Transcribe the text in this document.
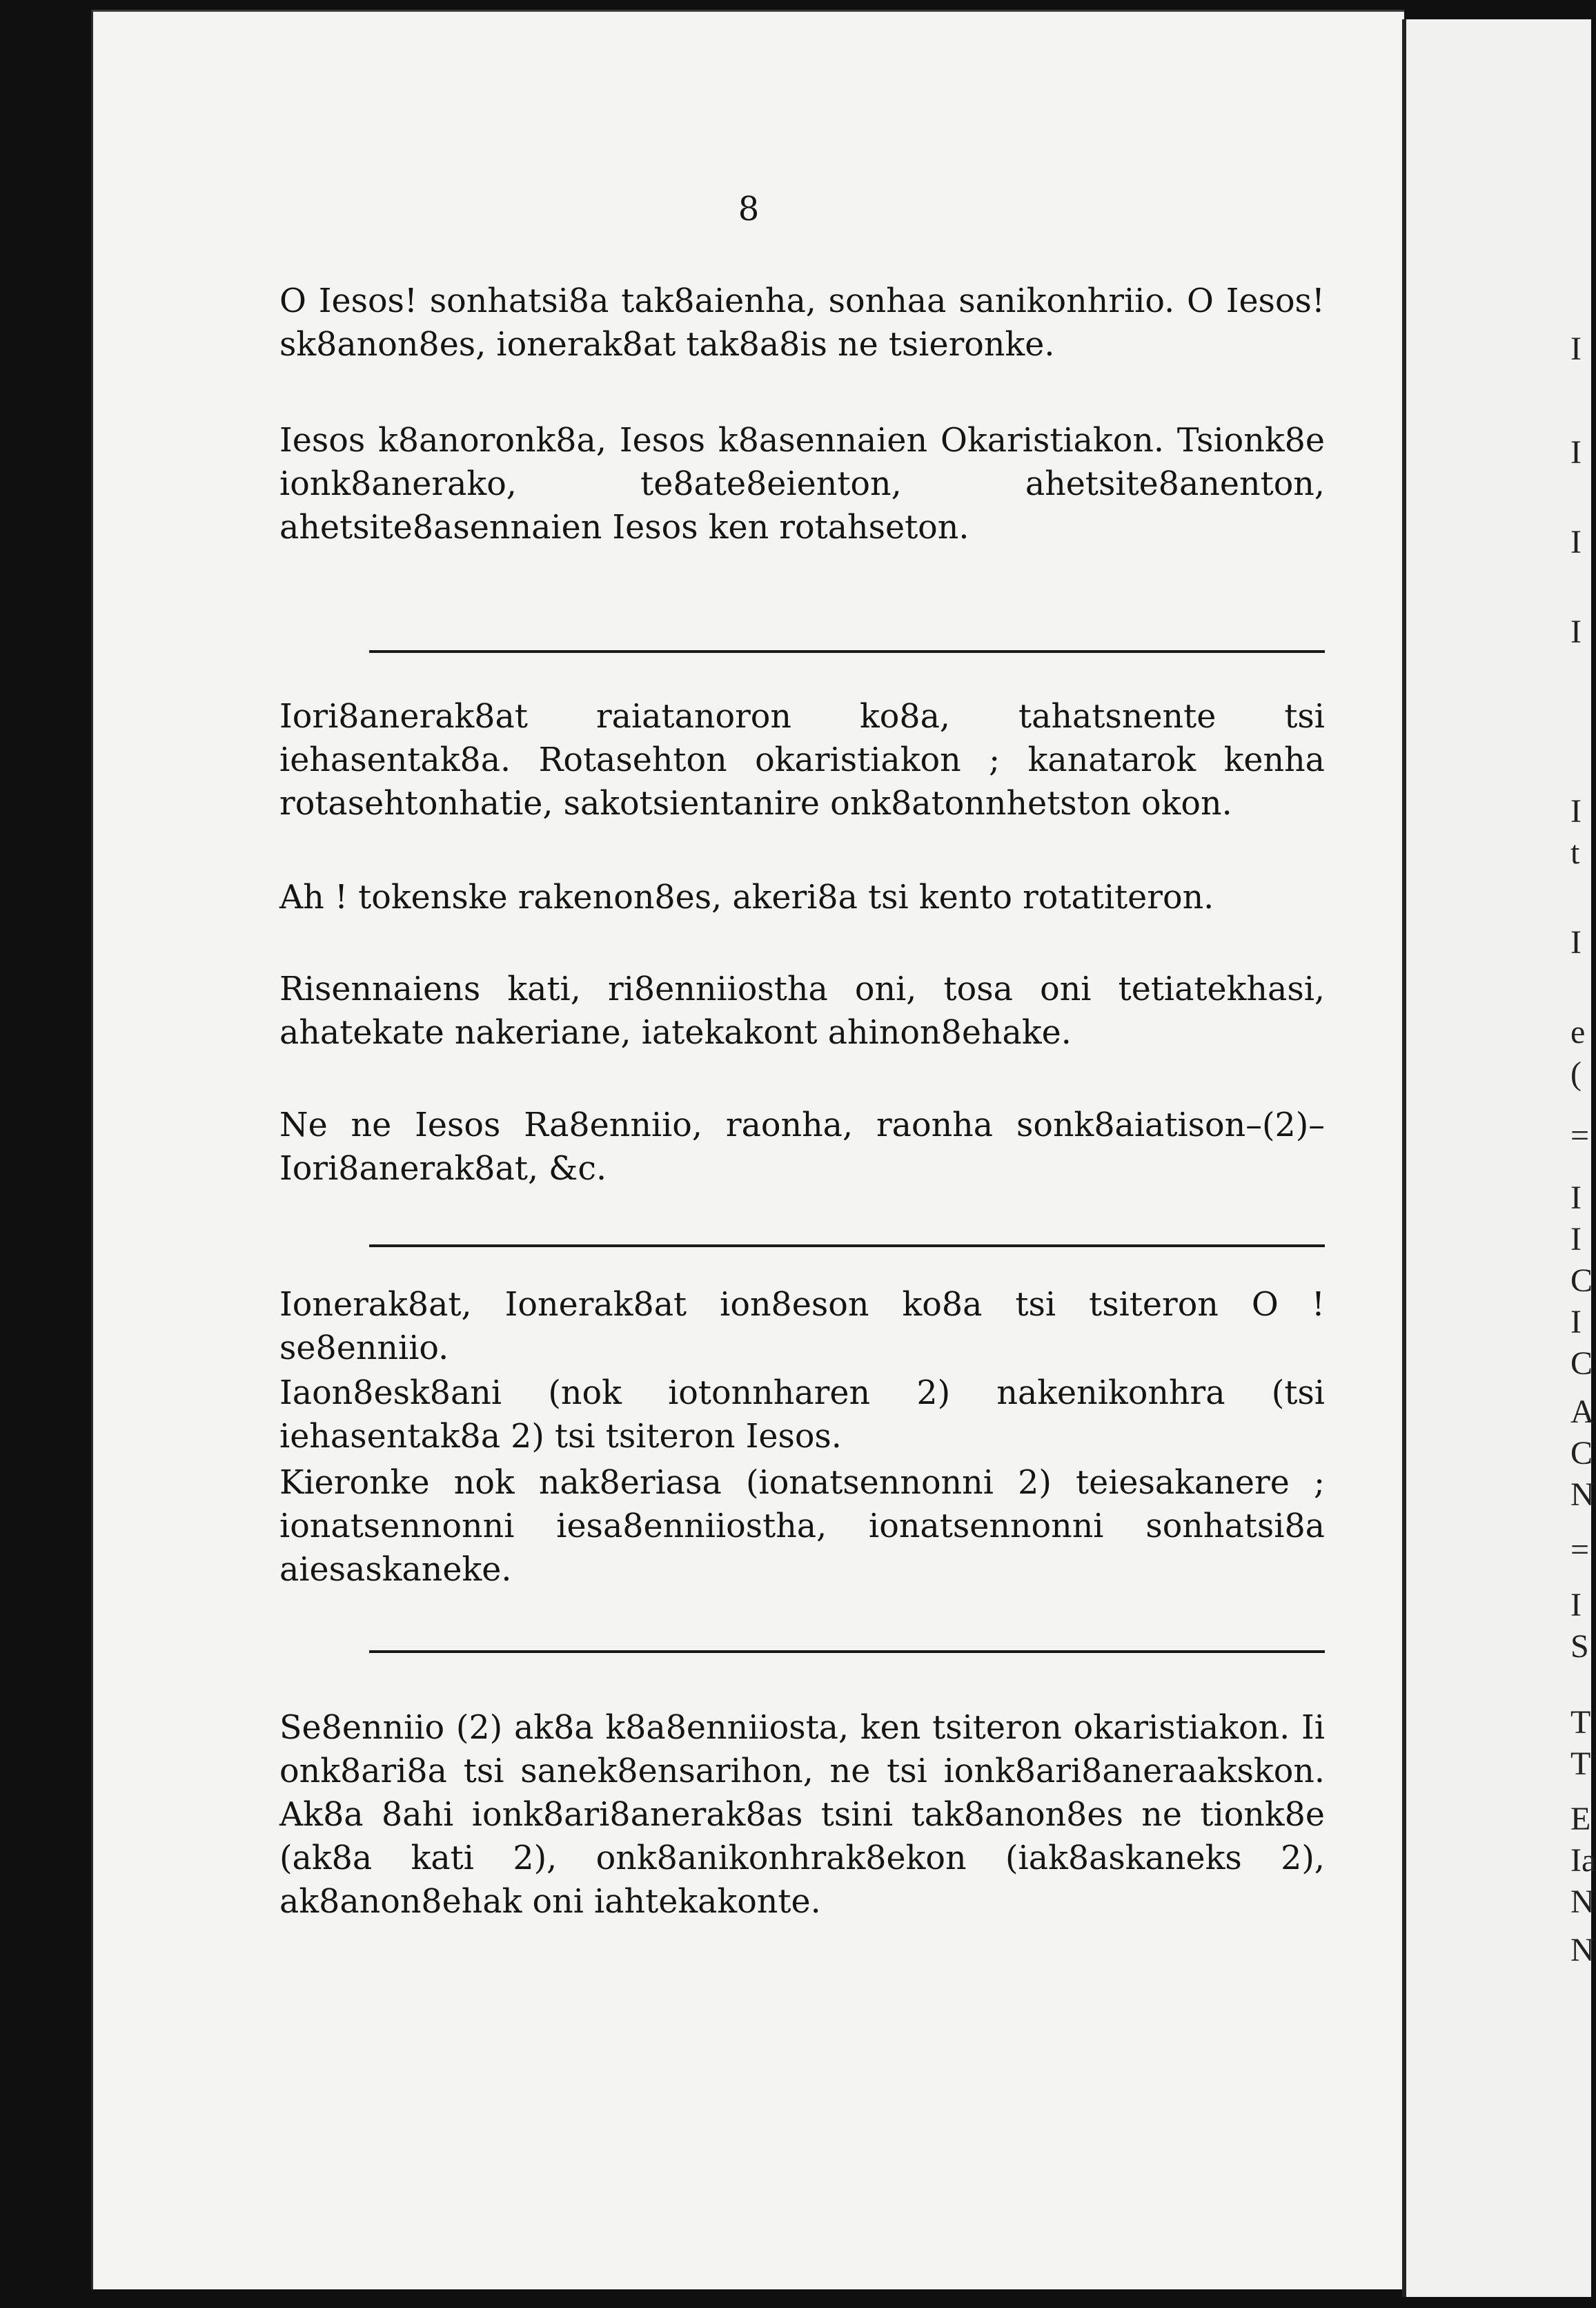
8

O Iesos! sonhatsi8a tak8aienha, sonhaa sanikonhriio. O Iesos! sk8anon8es, ionerak8at tak8a8is ne tsieronke.

Iesos k8anoronk8a, Iesos k8asennaien Okaristiakon. Tsionk8e ionk8anerako, te8ate8eienton, ahetsite8anenton, ahetsite8asennaien Iesos ken rotahseton.

Iori8anerak8at raiatanoron ko8a, tahatsnente tsi iehasentak8a. Rotasehton okaristiakon ; kanatarok kenha rotasehtonhatie, sakotsientanire onk8atonnhetston okon.

Ah ! tokenske rakenon8es, akeri8a tsi kento rotatiteron.

Risennaiens kati, ri8enniiostha oni, tosa oni tetiatekhasi, ahatekate nakeriane, iatekakont ahinon8ehake.

Ne ne Iesos Ra8enniio, raonha, raonha sonk8aiatison–(2)–Iori8anerak8at, &c.

Ionerak8at, Ionerak8at ion8eson ko8a tsi tsiteron O ! se8enniio.

Iaon8esk8ani (nok iotonnharen 2) nakenikonhra (tsi iehasentak8a 2) tsi tsiteron Iesos.

Kieronke nok nak8eriasa (ionatsennonni 2) teiesakanere ; ionatsennonni iesa8enniiostha, ionatsennonni sonhatsi8a aiesaskaneke.

Se8enniio (2) ak8a k8a8enniiosta, ken tsiteron okaristiakon. Ii onk8ari8a tsi sanek8ensarihon, ne tsi ionk8ari8aneraakskon. Ak8a 8ahi ionk8ari8anerak8as tsini tak8anon8es ne tionk8e (ak8a kati 2), onk8anikonhrak8ekon (iak8askaneks 2), ak8anon8ehak oni iahtekakonte.

I
I
I
I
I
t
I
e
(
=
I
I
C
I
C
A
C
N
=
I
S
T
T
E
Ia
N
N
